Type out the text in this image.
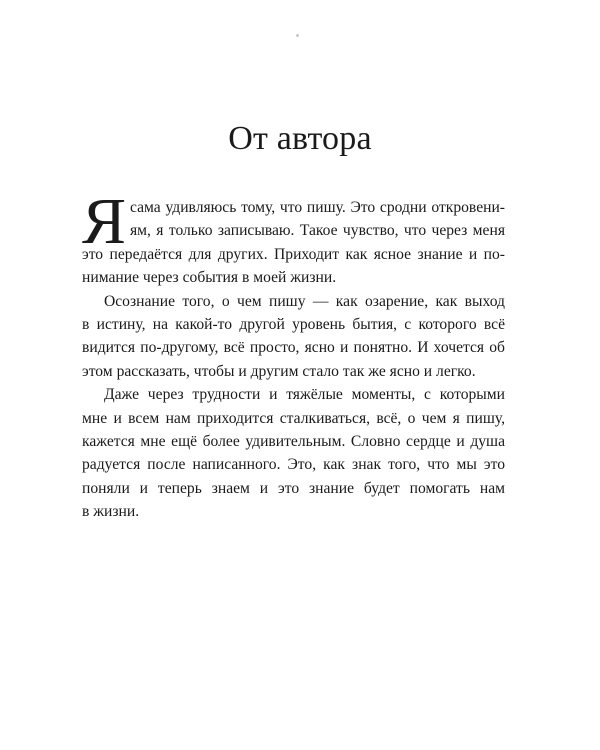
От автора
Я сама удивляюсь тому, что пишу. Это сродни откровени-
ям, я только записываю. Такое чувство, что через меня
это передаётся для других. Приходит как ясное знание и по-
нимание через события в моей жизни.
Осознание того, о чем пишу — как озарение, как выход
в истину, на какой-то другой уровень бытия, с которого всё
видится по-другому, всё просто, ясно и понятно. И хочется об
этом рассказать, чтобы и другим стало так же ясно и легко.
Даже через трудности и тяжёлые моменты, с которыми
мне и всем нам приходится сталкиваться, всё, о чем я пишу,
кажется мне ещё более удивительным. Словно сердце и душа
радуется после написанного. Это, как знак того, что мы это
поняли и теперь знаем и это знание будет помогать нам
в жизни.
